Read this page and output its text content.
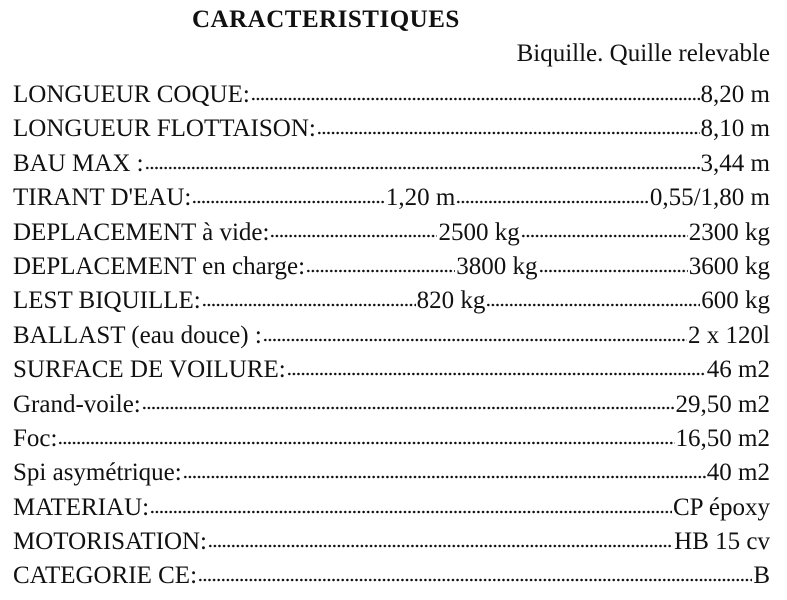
CARACTERISTIQUES
Biquille. Quille relevable
LONGUEUR COQUE:	8,20 m
LONGUEUR FLOTTAISON:	8,10 m
BAU MAX :	3,44 m
TIRANT D'EAU:	1,20 m	0,55/1,80 m
DEPLACEMENT à vide:	2500 kg	2300 kg
DEPLACEMENT en charge:	3800 kg	3600 kg
LEST BIQUILLE:	820 kg	600 kg
BALLAST (eau douce) :	2 x 120l
SURFACE DE VOILURE:	46 m2
Grand-voile:	29,50 m2
Foc:	16,50 m2
Spi asymétrique:	40 m2
MATERIAU:	CP époxy
MOTORISATION:	HB 15 cv
CATEGORIE CE:	B
